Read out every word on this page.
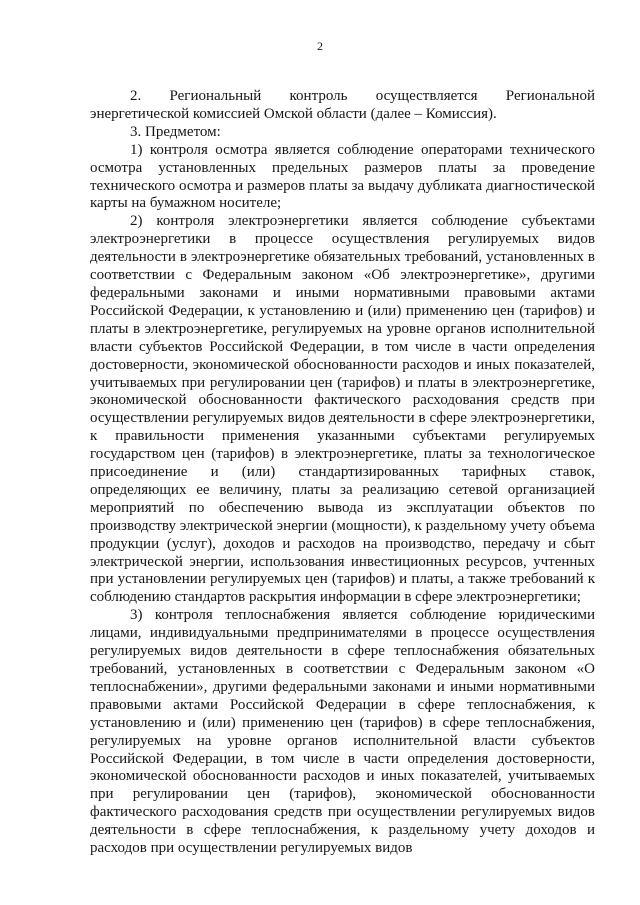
2

2. Региональный контроль осуществляется Региональной энергетической комиссией Омской области (далее – Комиссия).

3. Предметом:

1) контроля осмотра является соблюдение операторами технического осмотра установленных предельных размеров платы за проведение технического осмотра и размеров платы за выдачу дубликата диагностической карты на бумажном носителе;

2) контроля электроэнергетики является соблюдение субъектами электроэнергетики в процессе осуществления регулируемых видов деятельности в электроэнергетике обязательных требований, установленных в соответствии с Федеральным законом «Об электроэнергетике», другими федеральными законами и иными нормативными правовыми актами Российской Федерации, к установлению и (или) применению цен (тарифов) и платы в электроэнергетике, регулируемых на уровне органов исполнительной власти субъектов Российской Федерации, в том числе в части определения достоверности, экономической обоснованности расходов и иных показателей, учитываемых при регулировании цен (тарифов) и платы в электроэнергетике, экономической обоснованности фактического расходования средств при осуществлении регулируемых видов деятельности в сфере электроэнергетики, к правильности применения указанными субъектами регулируемых государством цен (тарифов) в электроэнергетике, платы за технологическое присоединение и (или) стандартизированных тарифных ставок, определяющих ее величину, платы за реализацию сетевой организацией мероприятий по обеспечению вывода из эксплуатации объектов по производству электрической энергии (мощности), к раздельному учету объема продукции (услуг), доходов и расходов на производство, передачу и сбыт электрической энергии, использования инвестиционных ресурсов, учтенных при установлении регулируемых цен (тарифов) и платы, а также требований к соблюдению стандартов раскрытия информации в сфере электроэнергетики;

3) контроля теплоснабжения является соблюдение юридическими лицами, индивидуальными предпринимателями в процессе осуществления регулируемых видов деятельности в сфере теплоснабжения обязательных требований, установленных в соответствии с Федеральным законом «О теплоснабжении», другими федеральными законами и иными нормативными правовыми актами Российской Федерации в сфере теплоснабжения, к установлению и (или) применению цен (тарифов) в сфере теплоснабжения, регулируемых на уровне органов исполнительной власти субъектов Российской Федерации, в том числе в части определения достоверности, экономической обоснованности расходов и иных показателей, учитываемых при регулировании цен (тарифов), экономической обоснованности фактического расходования средств при осуществлении регулируемых видов деятельности в сфере теплоснабжения, к раздельному учету доходов и расходов при осуществлении регулируемых видов
